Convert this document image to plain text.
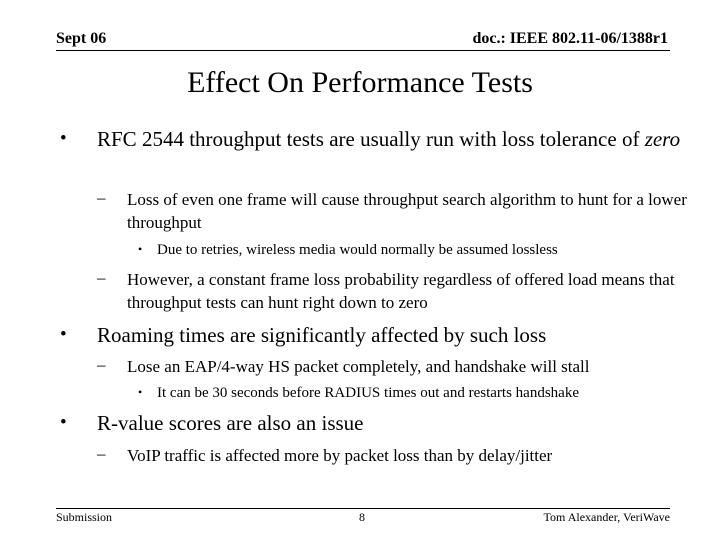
Sept 06	doc.: IEEE 802.11-06/1388r1
Effect On Performance Tests
• RFC 2544 throughput tests are usually run with loss tolerance of zero
– Loss of even one frame will cause throughput search algorithm to hunt for a lower throughput
• Due to retries, wireless media would normally be assumed lossless
– However, a constant frame loss probability regardless of offered load means that throughput tests can hunt right down to zero
• Roaming times are significantly affected by such loss
– Lose an EAP/4-way HS packet completely, and handshake will stall
• It can be 30 seconds before RADIUS times out and restarts handshake
• R-value scores are also an issue
– VoIP traffic is affected more by packet loss than by delay/jitter
Submission	8	Tom Alexander, VeriWave
